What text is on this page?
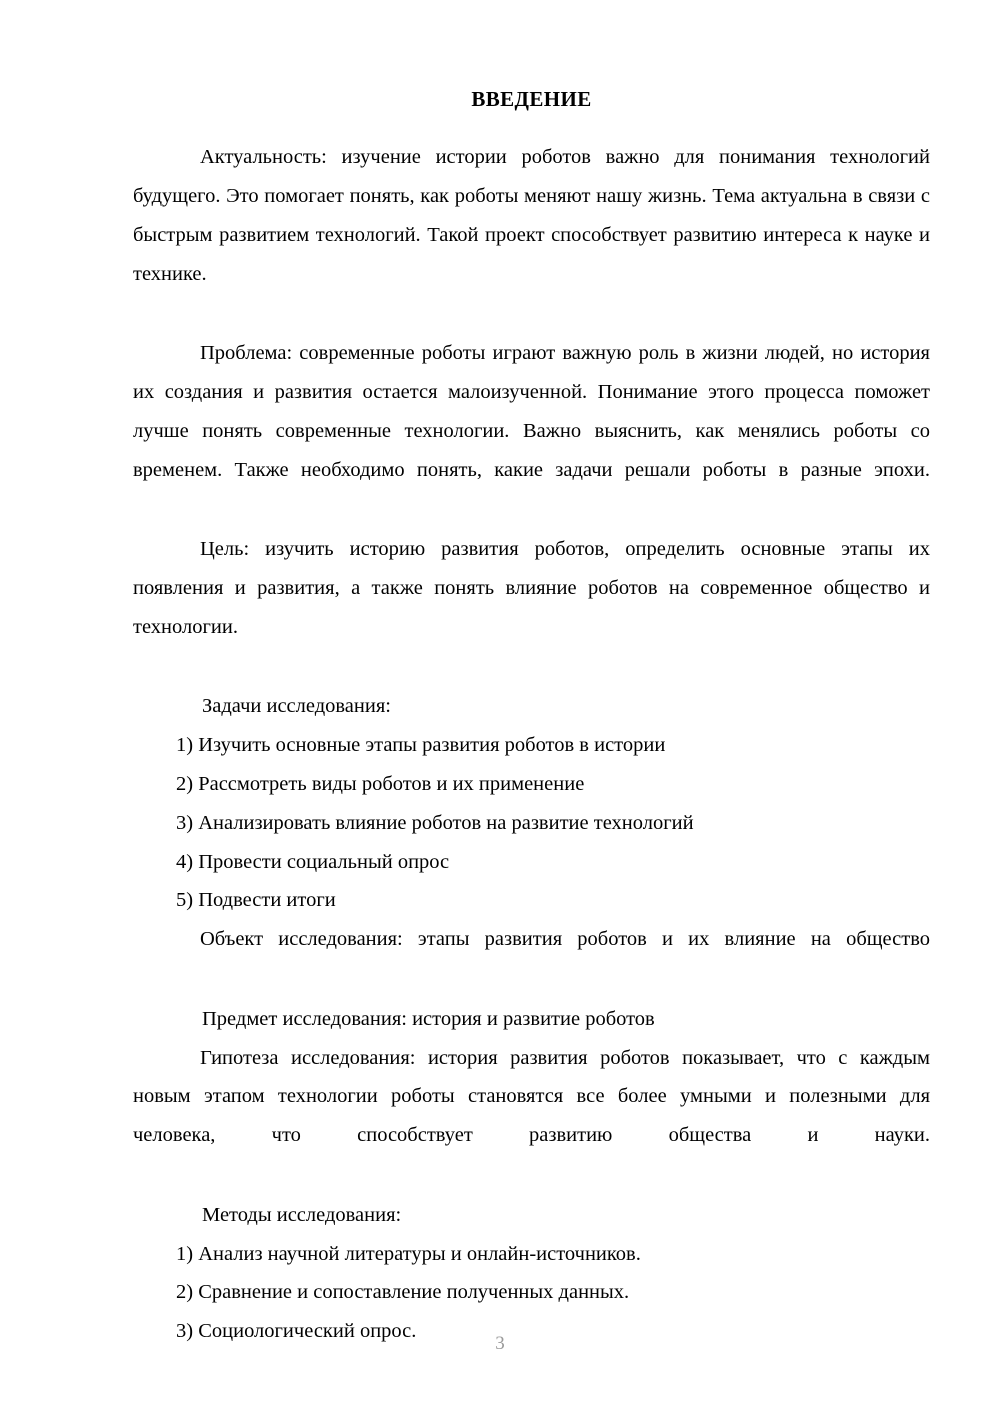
ВВЕДЕНИЕ

Актуальность: изучение истории роботов важно для понимания технологий будущего. Это помогает понять, как роботы меняют нашу жизнь. Тема актуальна в связи с быстрым развитием технологий. Такой проект способствует развитию интереса к науке и технике.

Проблема: современные роботы играют важную роль в жизни людей, но история их создания и развития остается малоизученной. Понимание этого процесса поможет лучше понять современные технологии. Важно выяснить, как менялись роботы со временем. Также необходимо понять, какие задачи решали роботы в разные эпохи.

Цель: изучить историю развития роботов, определить основные этапы их появления и развития, а также понять влияние роботов на современное общество и технологии.

Задачи исследования:

1) Изучить основные этапы развития роботов в истории
2) Рассмотреть виды роботов и их применение
3) Анализировать влияние роботов на развитие технологий
4) Провести социальный опрос
5) Подвести итоги

Объект исследования: этапы развития роботов и их влияние на общество

Предмет исследования: история и развитие роботов

Гипотеза исследования: история развития роботов показывает, что с каждым новым этапом технологии роботы становятся все более умными и полезными для человека, что способствует развитию общества и науки.

Методы исследования:

1) Анализ научной литературы и онлайн-источников.
2) Сравнение и сопоставление полученных данных.
3) Социологический опрос.
3
